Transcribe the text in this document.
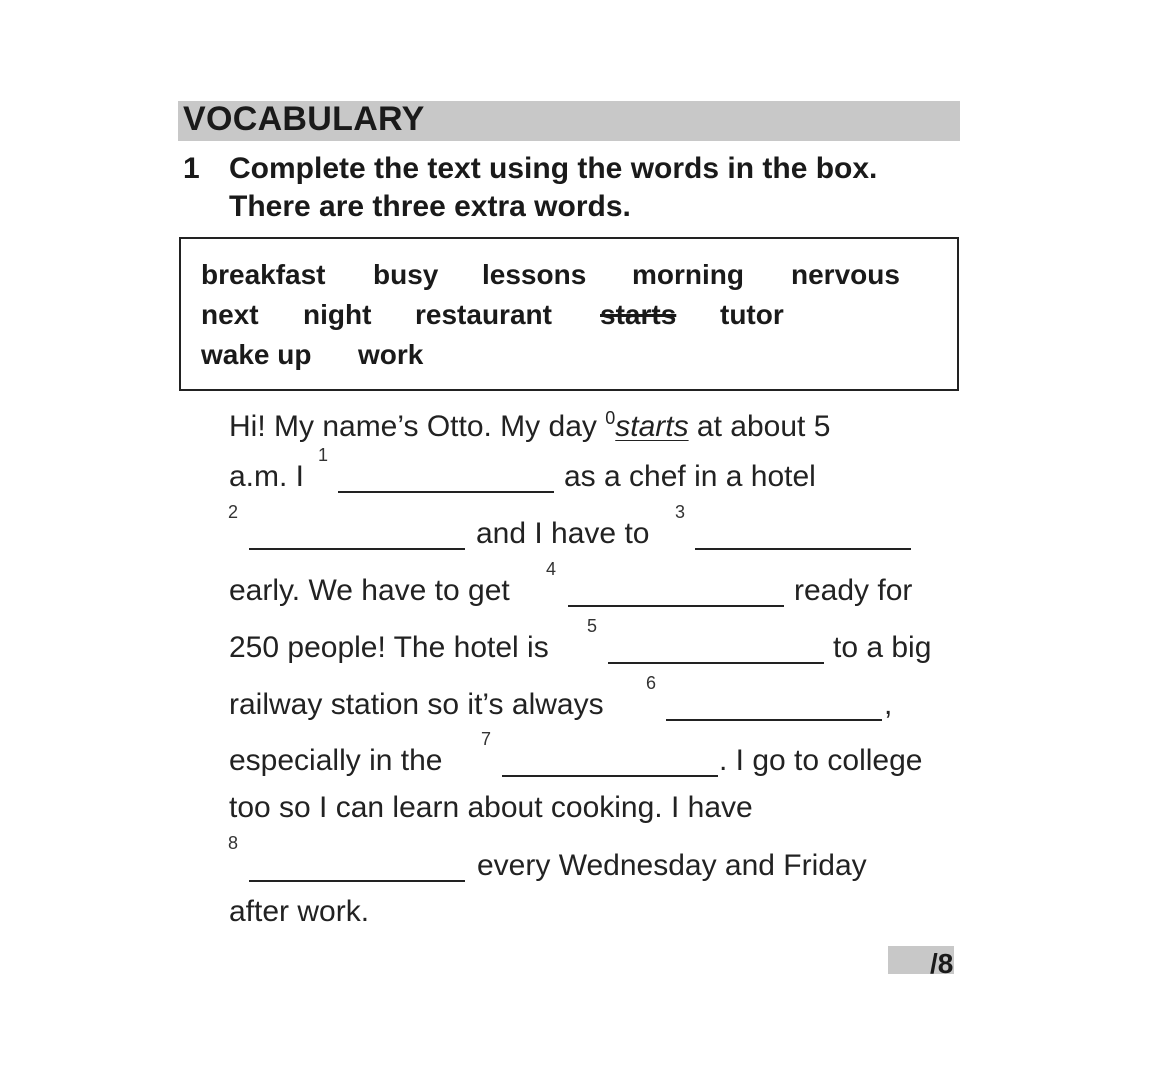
VOCABULARY
1 Complete the text using the words in the box.
There are three extra words.
breakfast busy lessons morning nervous
next night restaurant starts tutor
wake up work
Hi! My name’s Otto. My day $^0$starts at about 5
a.m. I
1
as a chef in a hotel
2
and I have to
3
early. We have to get
4
ready for
250 people! The hotel is
5
to a big
railway station so it’s always
6
,
especially in the
7
. I go to college
too so I can learn about cooking. I have
8
every Wednesday and Friday
after work.
/8
